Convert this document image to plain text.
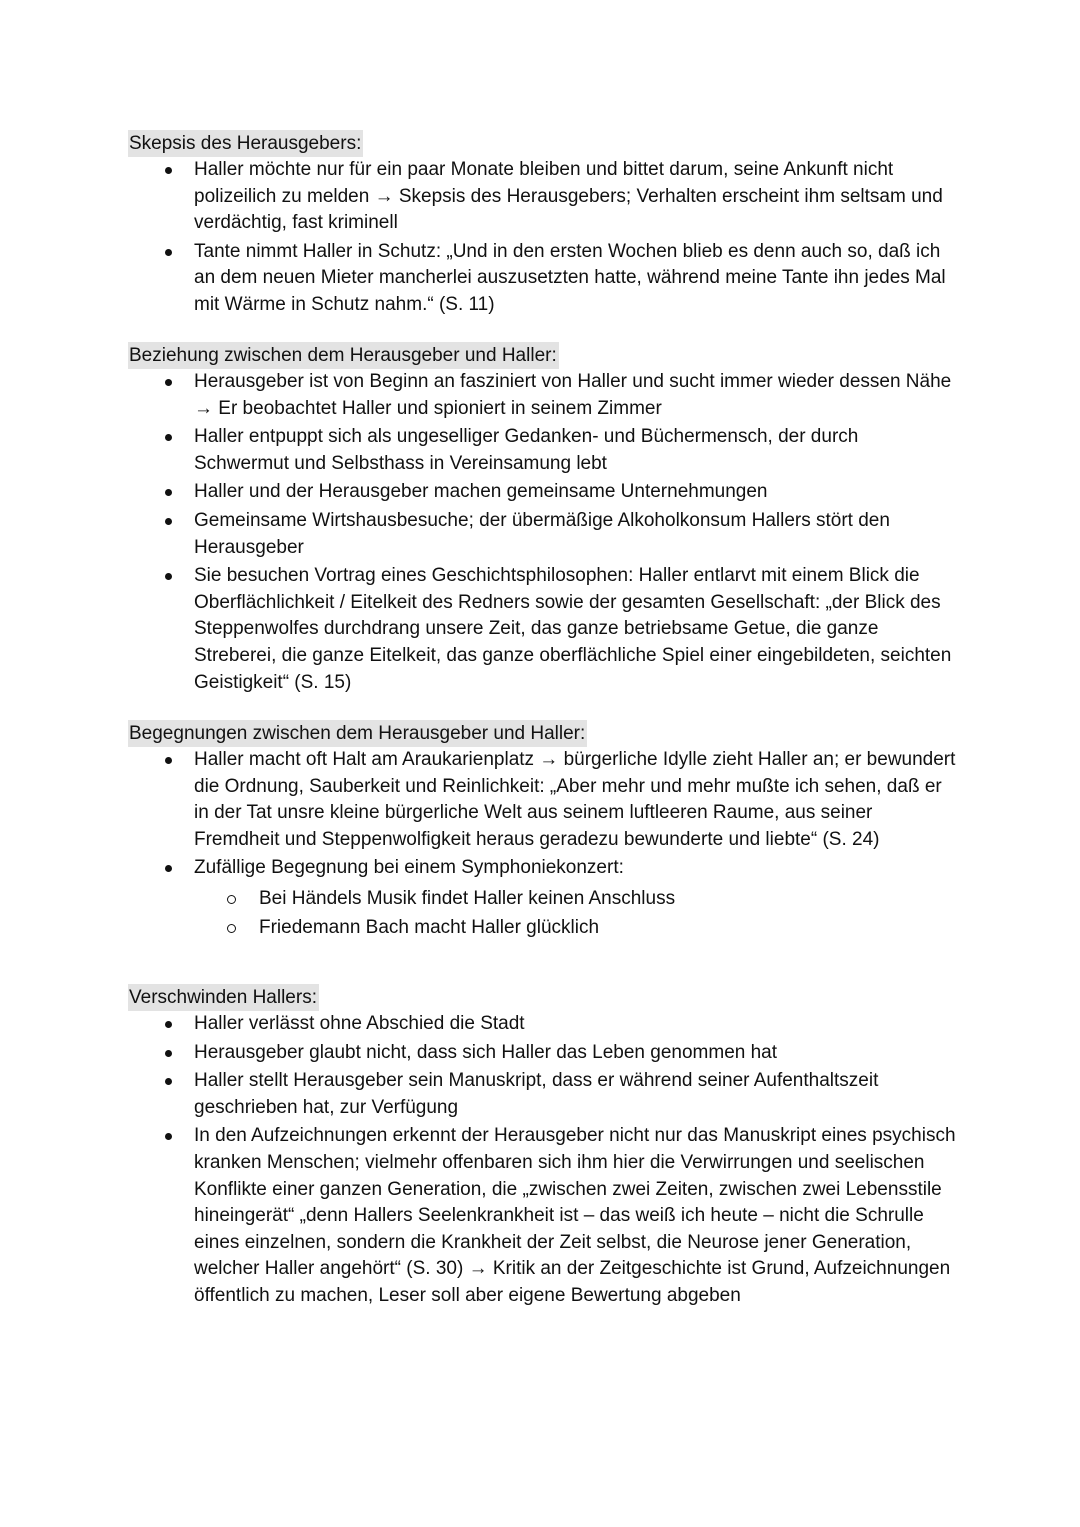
Skepsis des Herausgebers:
Haller möchte nur für ein paar Monate bleiben und bittet darum, seine Ankunft nicht polizeilich zu melden → Skepsis des Herausgebers; Verhalten erscheint ihm seltsam und verdächtig, fast kriminell
Tante nimmt Haller in Schutz: „Und in den ersten Wochen blieb es denn auch so, daß ich an dem neuen Mieter mancherlei auszusetzten hatte, während meine Tante ihn jedes Mal mit Wärme in Schutz nahm.“ (S. 11)
Beziehung zwischen dem Herausgeber und Haller:
Herausgeber ist von Beginn an fasziniert von Haller und sucht immer wieder dessen Nähe → Er beobachtet Haller und spioniert in seinem Zimmer
Haller entpuppt sich als ungeselliger Gedanken- und Büchermensch, der durch Schwermut und Selbsthass in Vereinsamung lebt
Haller und der Herausgeber machen gemeinsame Unternehmungen
Gemeinsame Wirtshausbesuche; der übermäßige Alkoholkonsum Hallers stört den Herausgeber
Sie besuchen Vortrag eines Geschichtsphilosophen: Haller entlarvt mit einem Blick die Oberflächlichkeit / Eitelkeit des Redners sowie der gesamten Gesellschaft: „der Blick des Steppenwolfes durchdrang unsere Zeit, das ganze betriebsame Getue, die ganze Streberei, die ganze Eitelkeit, das ganze oberflächliche Spiel einer eingebildeten, seichten Geistigkeit“ (S. 15)
Begegnungen zwischen dem Herausgeber und Haller:
Haller macht oft Halt am Araukarienplatz → bürgerliche Idylle zieht Haller an; er bewundert die Ordnung, Sauberkeit und Reinlichkeit: „Aber mehr und mehr mußte ich sehen, daß er in der Tat unsre kleine bürgerliche Welt aus seinem luftleeren Raume, aus seiner Fremdheit und Steppenwolfigkeit heraus geradezu bewunderte und liebte“ (S. 24)
Zufällige Begegnung bei einem Symphoniekonzert:
Bei Händels Musik findet Haller keinen Anschluss
Friedemann Bach macht Haller glücklich
Verschwinden Hallers:
Haller verlässt ohne Abschied die Stadt
Herausgeber glaubt nicht, dass sich Haller das Leben genommen hat
Haller stellt Herausgeber sein Manuskript, dass er während seiner Aufenthaltszeit geschrieben hat, zur Verfügung
In den Aufzeichnungen erkennt der Herausgeber nicht nur das Manuskript eines psychisch kranken Menschen; vielmehr offenbaren sich ihm hier die Verwirrungen und seelischen Konflikte einer ganzen Generation, die „zwischen zwei Zeiten, zwischen zwei Lebensstile hineingerät“ „denn Hallers Seelenkrankheit ist – das weiß ich heute – nicht die Schrulle eines einzelnen, sondern die Krankheit der Zeit selbst, die Neurose jener Generation, welcher Haller angehört“ (S. 30) → Kritik an der Zeitgeschichte ist Grund, Aufzeichnungen öffentlich zu machen, Leser soll aber eigene Bewertung abgeben
